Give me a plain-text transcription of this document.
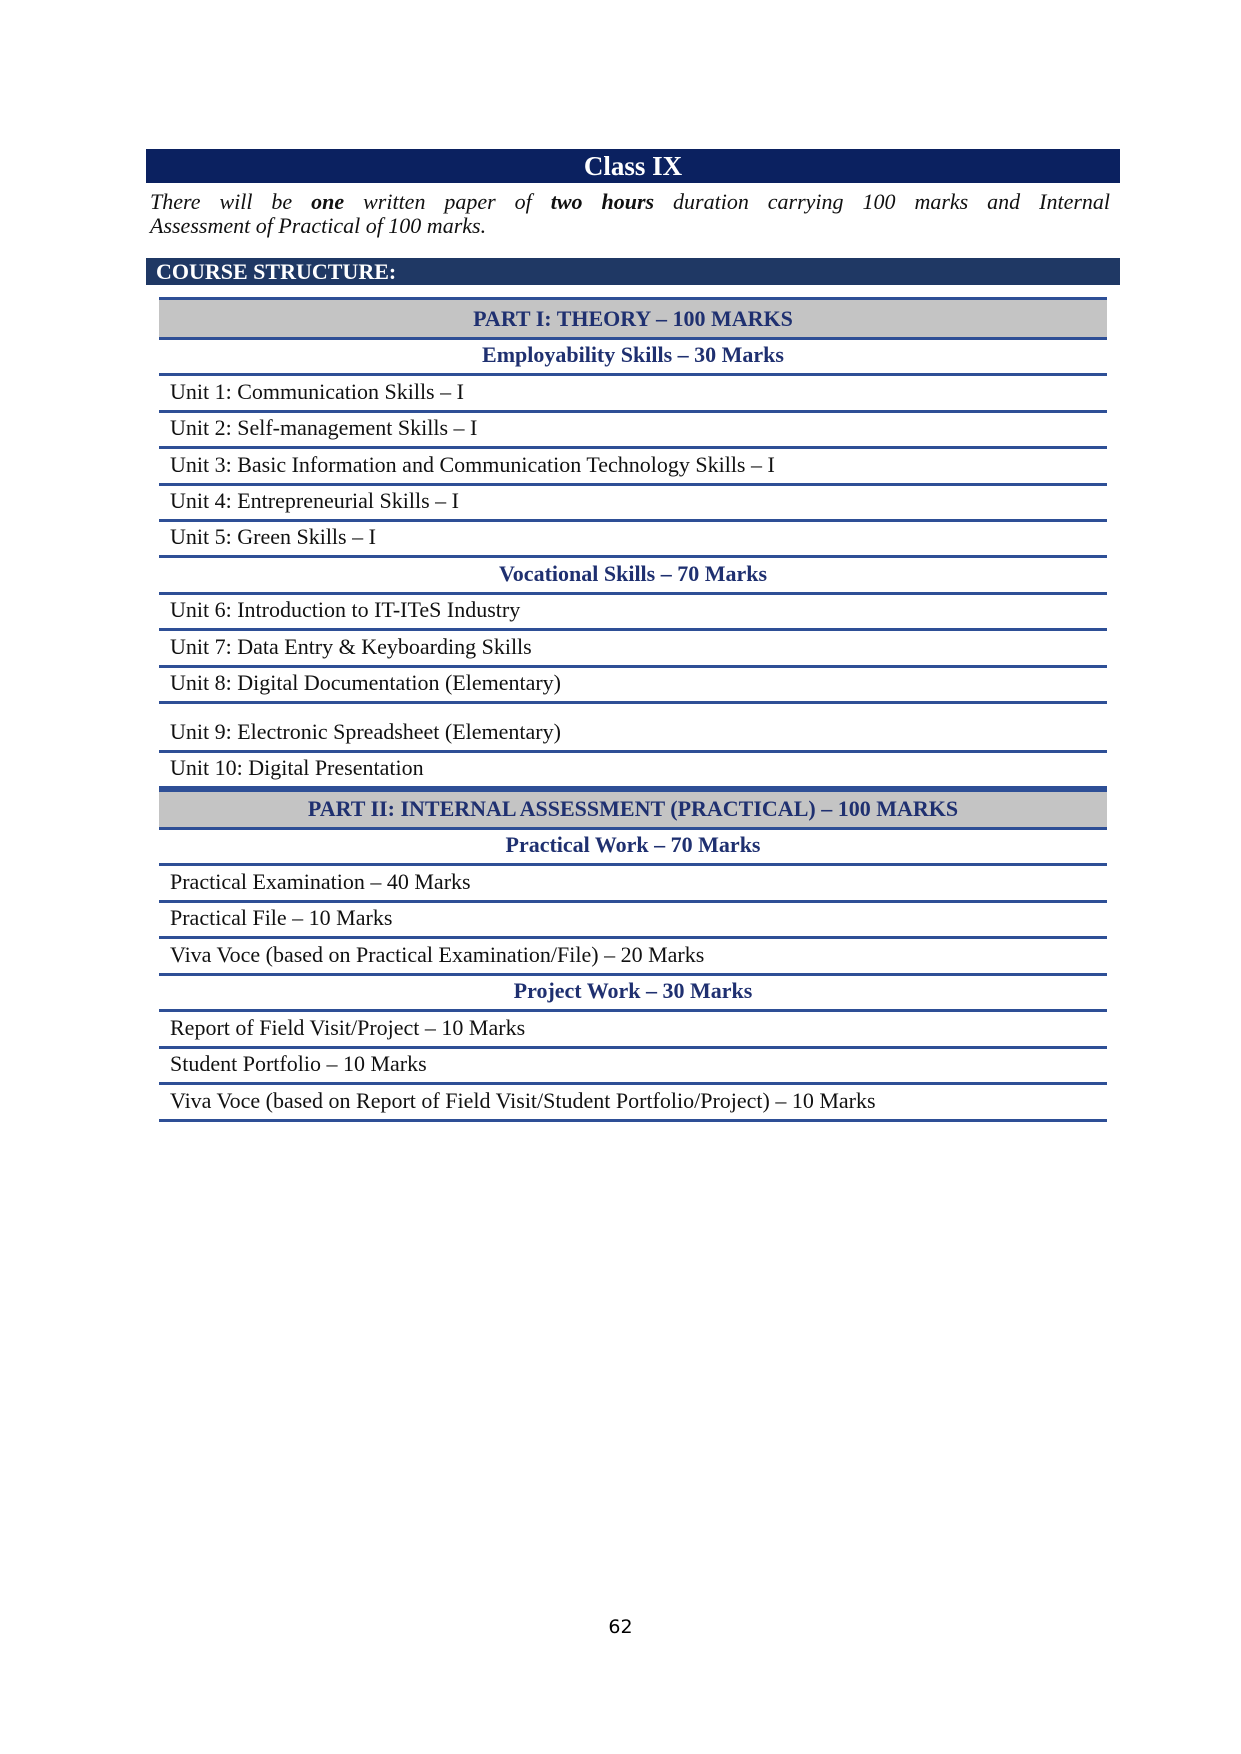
Class IX
There will be one written paper of two hours duration carrying 100 marks and Internal
Assessment of Practical of 100 marks.
COURSE STRUCTURE:
PART I: THEORY – 100 MARKS
Employability Skills – 30 Marks
Unit 1: Communication Skills – I
Unit 2: Self-management Skills – I
Unit 3: Basic Information and Communication Technology Skills – I
Unit 4: Entrepreneurial Skills – I
Unit 5: Green Skills – I
Vocational Skills – 70 Marks
Unit 6: Introduction to IT-ITeS Industry
Unit 7: Data Entry & Keyboarding Skills
Unit 8: Digital Documentation (Elementary)
Unit 9: Electronic Spreadsheet (Elementary)
Unit 10: Digital Presentation
PART II: INTERNAL ASSESSMENT (PRACTICAL) – 100 MARKS
Practical Work – 70 Marks
Practical Examination – 40 Marks
Practical File – 10 Marks
Viva Voce (based on Practical Examination/File) – 20 Marks
Project Work – 30 Marks
Report of Field Visit/Project – 10 Marks
Student Portfolio – 10 Marks
Viva Voce (based on Report of Field Visit/Student Portfolio/Project) – 10 Marks
62
